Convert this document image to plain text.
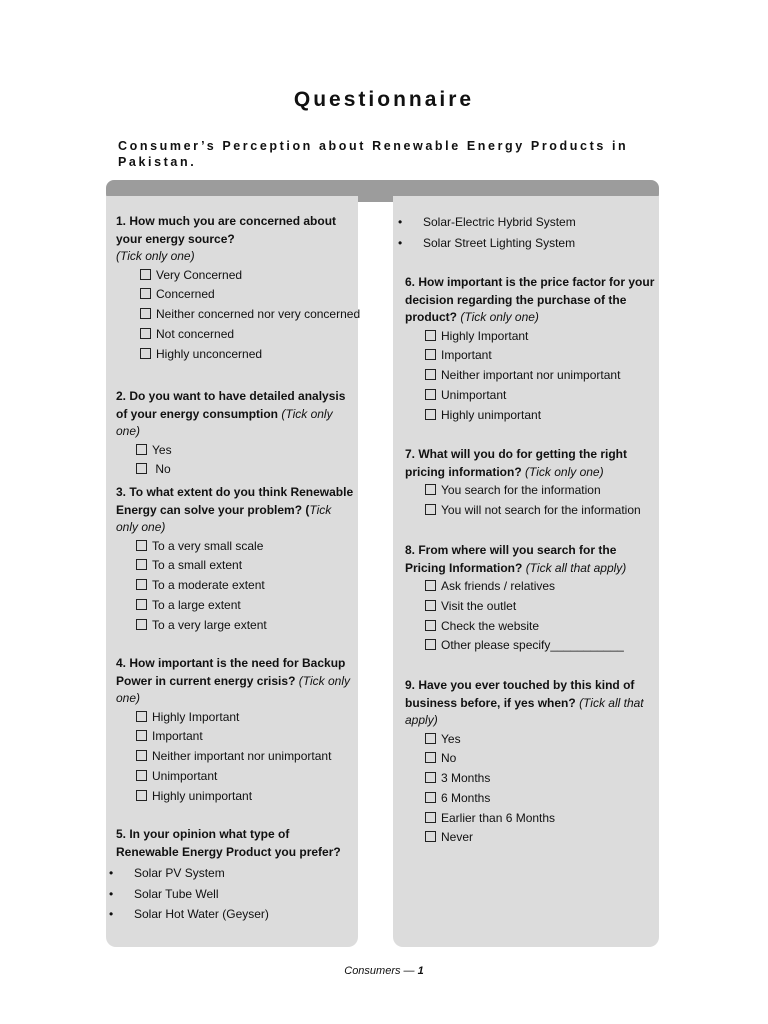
Questionnaire
Consumer’s Perception about Renewable Energy Products in Pakistan.
1. How much you are concerned about your energy source?
(Tick only one)
Very Concerned
Concerned
Neither concerned nor very concerned
Not concerned
Highly unconcerned
2. Do you want to have detailed analysis of your energy consumption (Tick only one)
Yes
No
3. To what extent do you think Renewable Energy can solve your problem? (Tick only one)
To a very small scale
To a small extent
To a moderate extent
To a large extent
To a very large extent
4. How important is the need for Backup Power in current energy crisis? (Tick only one)
Highly Important
Important
Neither important nor unimportant
Unimportant
Highly unimportant
5. In your opinion what type of Renewable Energy Product you prefer?
• Solar PV System
• Solar Tube Well
• Solar Hot Water (Geyser)
• Solar-Electric Hybrid System
• Solar Street Lighting System
6. How important is the price factor for your decision regarding the purchase of the product? (Tick only one)
Highly Important
Important
Neither important nor unimportant
Unimportant
Highly unimportant
7. What will you do for getting the right pricing information? (Tick only one)
You search for the information
You will not search for the information
8. From where will you search for the Pricing Information? (Tick all that apply)
Ask friends / relatives
Visit the outlet
Check the website
Other please specify___________
9. Have you ever touched by this kind of business before, if yes when? (Tick all that apply)
Yes
No
3 Months
6 Months
Earlier than 6 Months
Never
Consumers — 1
